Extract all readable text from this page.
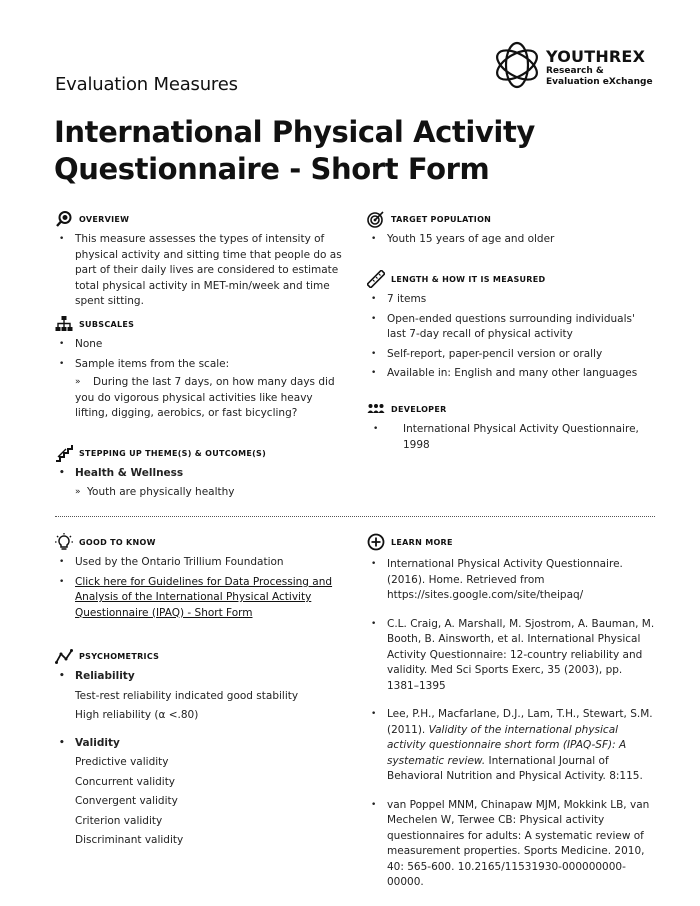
Evaluation Measures
YOUTHREX
Research &
Evaluation eXchange
International Physical Activity
Questionnaire - Short Form
OVERVIEW
• This measure assesses the types of intensity of physical activity and sitting time that people do as part of their daily lives are considered to estimate total physical activity in MET-min/week and time spent sitting.
SUBSCALES
• None
• Sample items from the scale:
» During the last 7 days, on how many days did you do vigorous physical activities like heavy lifting, digging, aerobics, or fast bicycling?
STEPPING UP THEME(S) & OUTCOME(S)
• Health & Wellness
» Youth are physically healthy
TARGET POPULATION
• Youth 15 years of age and older
LENGTH & HOW IT IS MEASURED
• 7 items
• Open-ended questions surrounding individuals' last 7-day recall of physical activity
• Self-report, paper-pencil version or orally
• Available in: English and many other languages
DEVELOPER
• International Physical Activity Questionnaire, 1998
GOOD TO KNOW
• Used by the Ontario Trillium Foundation
• Click here for Guidelines for Data Processing and Analysis of the International Physical Activity Questionnaire (IPAQ) - Short Form
PSYCHOMETRICS
• Reliability
Test-rest reliability indicated good stability
High reliability (α <.80)
• Validity
Predictive validity
Concurrent validity
Convergent validity
Criterion validity
Discriminant validity
LEARN MORE
• International Physical Activity Questionnaire. (2016). Home. Retrieved from https://sites.google.com/site/theipaq/
• C.L. Craig, A. Marshall, M. Sjostrom, A. Bauman, M. Booth, B. Ainsworth, et al. International Physical Activity Questionnaire: 12-country reliability and validity. Med Sci Sports Exerc, 35 (2003), pp. 1381–1395
• Lee, P.H., Macfarlane, D.J., Lam, T.H., Stewart, S.M. (2011). Validity of the international physical activity questionnaire short form (IPAQ-SF): A systematic review. International Journal of Behavioral Nutrition and Physical Activity. 8:115.
• van Poppel MNM, Chinapaw MJM, Mokkink LB, van Mechelen W, Terwee CB: Physical activity questionnaires for adults: A systematic review of measurement properties. Sports Medicine. 2010, 40: 565-600. 10.2165/11531930-000000000-00000.
